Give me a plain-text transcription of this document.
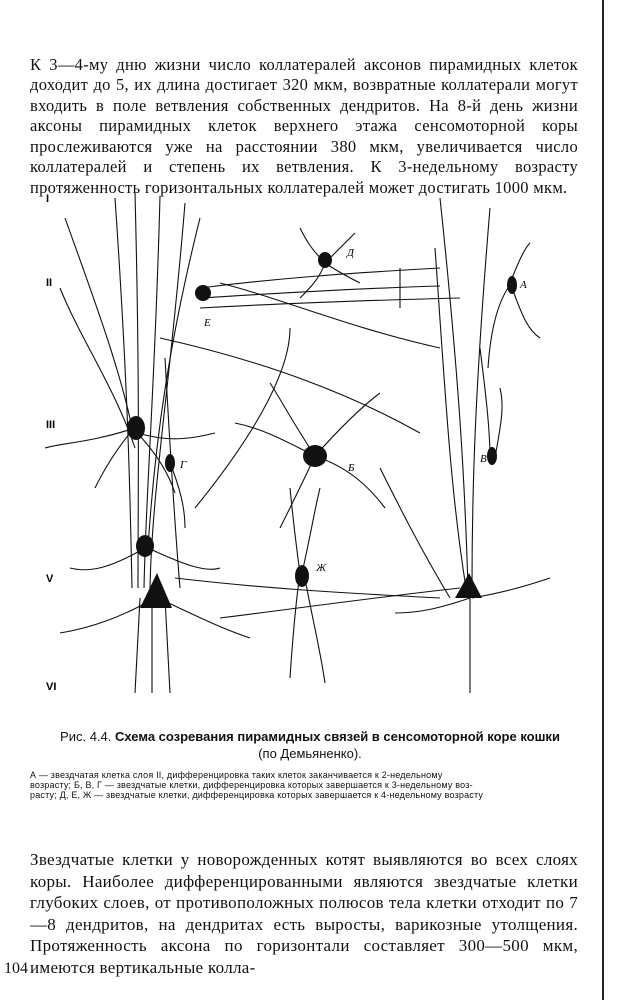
К 3—4-му дню жизни число коллатералей аксонов пирамидных клеток доходит до 5, их длина достигает 320 мкм, возвратные коллатерали могут входить в поле ветвления собственных дендритов. На 8-й день жизни аксоны пирамидных клеток верхнего этажа сенсомоторной коры прослеживаются уже на расстоянии 380 мкм, увеличивается число коллатералей и степень их ветвления. К 3-недельному возрасту протяженность горизонтальных коллатералей может достигать 1000 мкм.

I
II
III
V
VI
Д
А
Е
Г	Б
В
Ж
Рис. 4.4. Схема созревания пирамидных связей в сенсомоторной коре кошки
(по Демьяненко).
А — звездчатая клетка слоя II, дифференцировка таких клеток заканчивается к 2-недельному
возрасту; Б, В, Г — звездчатые клетки, дифференцировка которых завершается к 3-недельному воз-
расту; Д, Е, Ж — звездчатые клетки, дифференцировка которых завершается к 4-недельному возрасту

Звездчатые клетки у новорожденных котят выявляются во всех слоях коры. Наиболее дифференцированными являются звездчатые клетки глубоких слоев, от противоположных полюсов тела клетки отходит по 7—8 дендритов, на дендритах есть выросты, варикозные утолщения. Протяженность аксона по горизонтали составляет 300—500 мкм, имеются вертикальные колла-

104
